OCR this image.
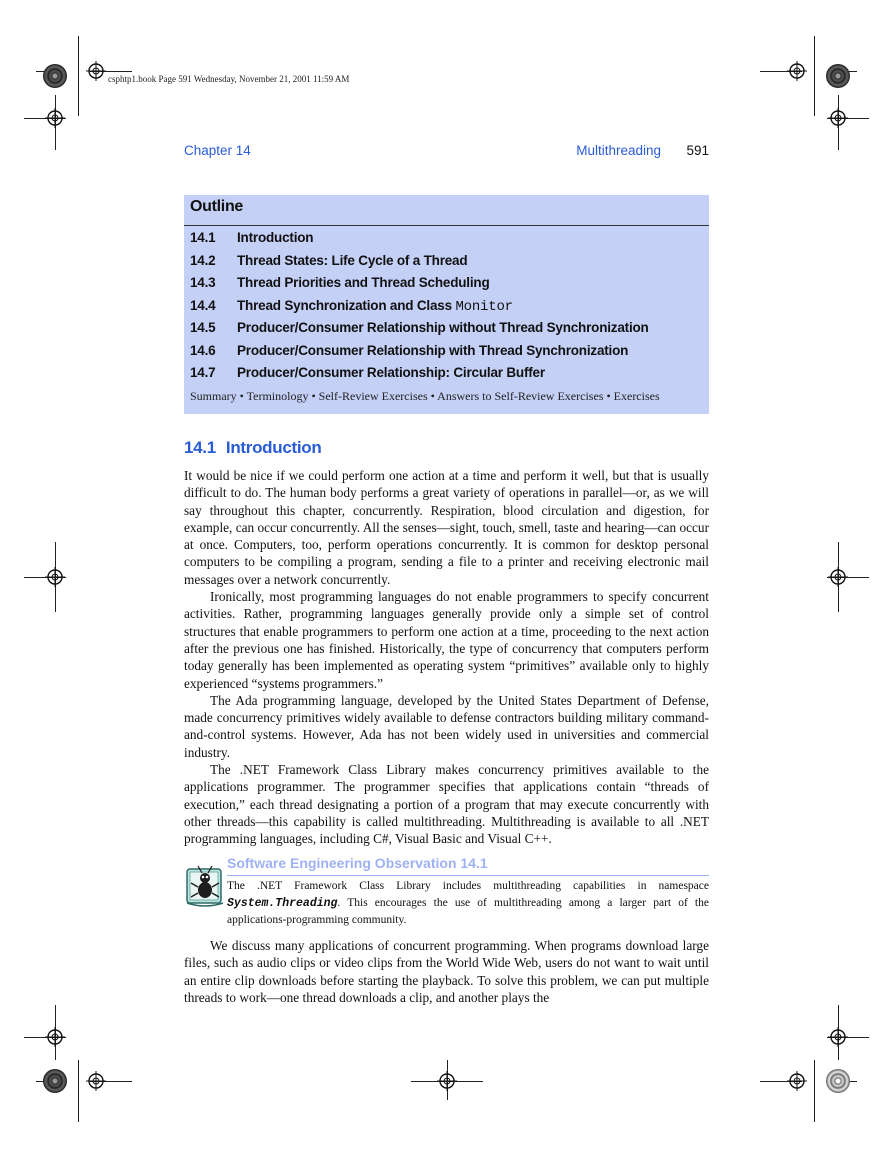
csphtp1.book Page 591 Wednesday, November 21, 2001 11:59 AM
Chapter 14	Multithreading 591
Outline
14.1 Introduction
14.2 Thread States: Life Cycle of a Thread
14.3 Thread Priorities and Thread Scheduling
14.4 Thread Synchronization and Class Monitor
14.5 Producer/Consumer Relationship without Thread Synchronization
14.6 Producer/Consumer Relationship with Thread Synchronization
14.7 Producer/Consumer Relationship: Circular Buffer
Summary • Terminology • Self-Review Exercises • Answers to Self-Review Exercises • Exercises
14.1 Introduction

It would be nice if we could perform one action at a time and perform it well, but that is usually difficult to do. The human body performs a great variety of operations in parallel—or, as we will say throughout this chapter, concurrently. Respiration, blood circulation and digestion, for example, can occur concurrently. All the senses—sight, touch, smell, taste and hearing—can occur at once. Computers, too, perform operations concurrently. It is common for desktop personal computers to be compiling a program, sending a file to a printer and receiving electronic mail messages over a network concurrently.

Ironically, most programming languages do not enable programmers to specify concurrent activities. Rather, programming languages generally provide only a simple set of control structures that enable programmers to perform one action at a time, proceeding to the next action after the previous one has finished. Historically, the type of concurrency that computers perform today generally has been implemented as operating system “primitives” available only to highly experienced “systems programmers.”

The Ada programming language, developed by the United States Department of Defense, made concurrency primitives widely available to defense contractors building military command-and-control systems. However, Ada has not been widely used in universities and commercial industry.

The .NET Framework Class Library makes concurrency primitives available to the applications programmer. The programmer specifies that applications contain “threads of execution,” each thread designating a portion of a program that may execute concurrently with other threads—this capability is called multithreading. Multithreading is available to all .NET programming languages, including C#, Visual Basic and Visual C++.

Software Engineering Observation 14.1
The .NET Framework Class Library includes multithreading capabilities in namespace System.Threading. This encourages the use of multithreading among a larger part of the applications-programming community.

We discuss many applications of concurrent programming. When programs download large files, such as audio clips or video clips from the World Wide Web, users do not want to wait until an entire clip downloads before starting the playback. To solve this problem, we can put multiple threads to work—one thread downloads a clip, and another plays the
